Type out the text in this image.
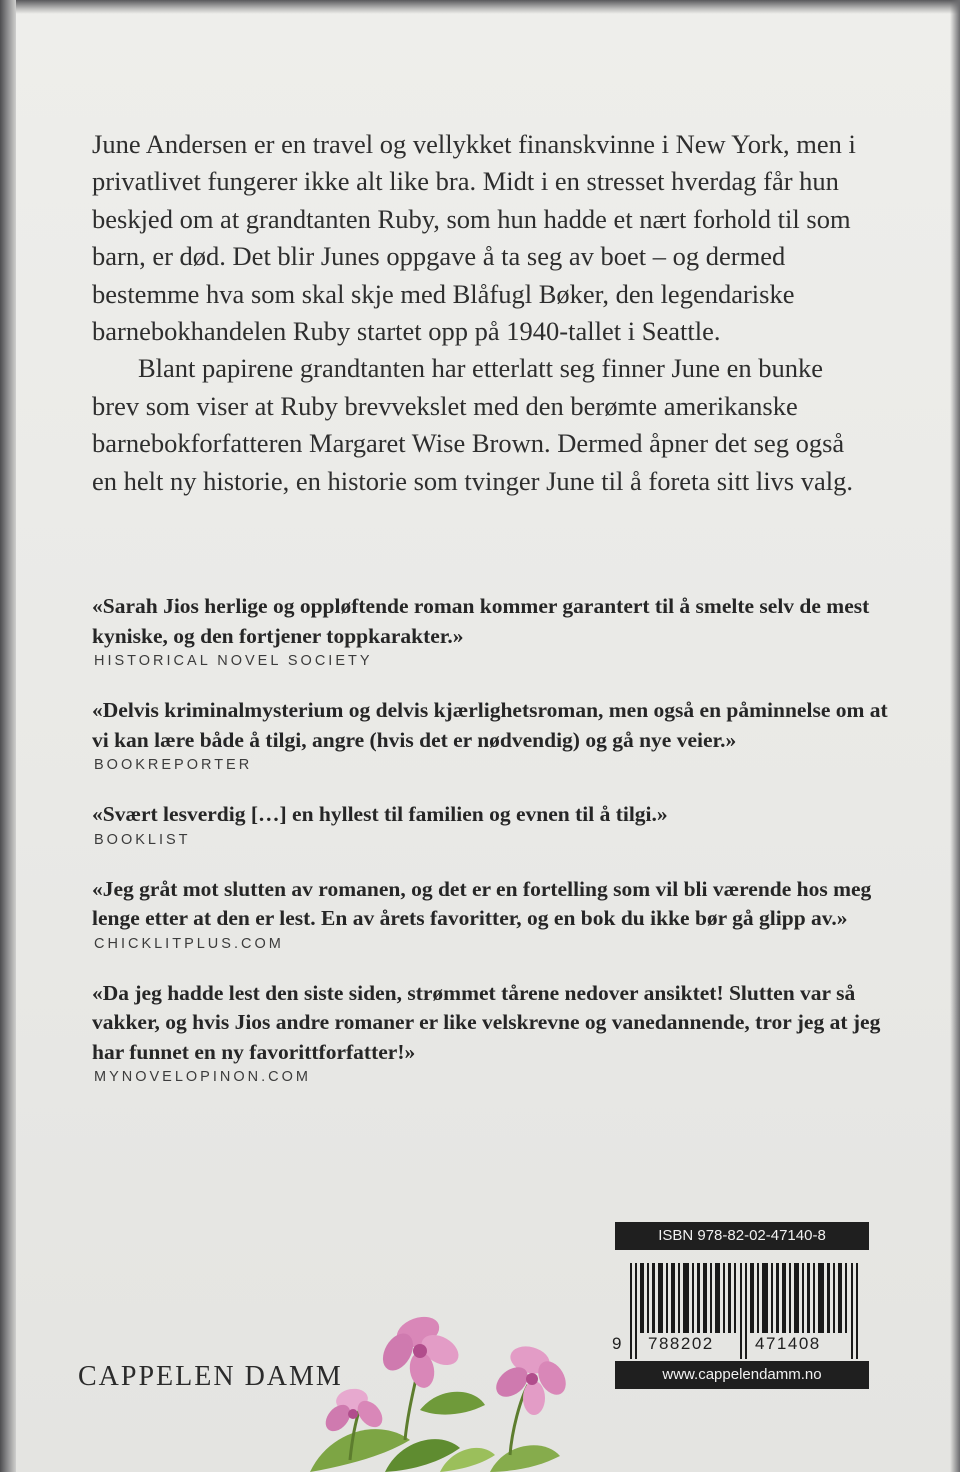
June Andersen er en travel og vellykket finanskvinne i New York, men i privatlivet fungerer ikke alt like bra. Midt i en stresset hverdag får hun beskjed om at grandtanten Ruby, som hun hadde et nært forhold til som barn, er død. Det blir Junes oppgave å ta seg av boet – og dermed bestemme hva som skal skje med Blåfugl Bøker, den legendariske barnebokhandelen Ruby startet opp på 1940-tallet i Seattle.

Blant papirene grandtanten har etterlatt seg finner June en bunke brev som viser at Ruby brevvekslet med den berømte amerikanske barnebokforfatteren Margaret Wise Brown. Dermed åpner det seg også en helt ny historie, en historie som tvinger June til å foreta sitt livs valg.

«Sarah Jios herlige og oppløftende roman kommer garantert til å smelte selv de mest kyniske, og den fortjener toppkarakter.»

HISTORICAL NOVEL SOCIETY

«Delvis kriminalmysterium og delvis kjærlighetsroman, men også en påminnelse om at vi kan lære både å tilgi, angre (hvis det er nødvendig) og gå nye veier.»

BOOKREPORTER

«Svært lesverdig […] en hyllest til familien og evnen til å tilgi.»

BOOKLIST

«Jeg gråt mot slutten av romanen, og det er en fortelling som vil bli værende hos meg lenge etter at den er lest. En av årets favoritter, og en bok du ikke bør gå glipp av.»

CHICKLITPLUS.COM

«Da jeg hadde lest den siste siden, strømmet tårene nedover ansiktet! Slutten var så vakker, og hvis Jios andre romaner er like velskrevne og vanedannende, tror jeg at jeg har funnet en ny favorittforfatter!»

MYNOVELOPINON.COM
ISBN 978-82-02-47140-8
9 788202 471408
www.cappelendamm.no
CAPPELEN DAMM
